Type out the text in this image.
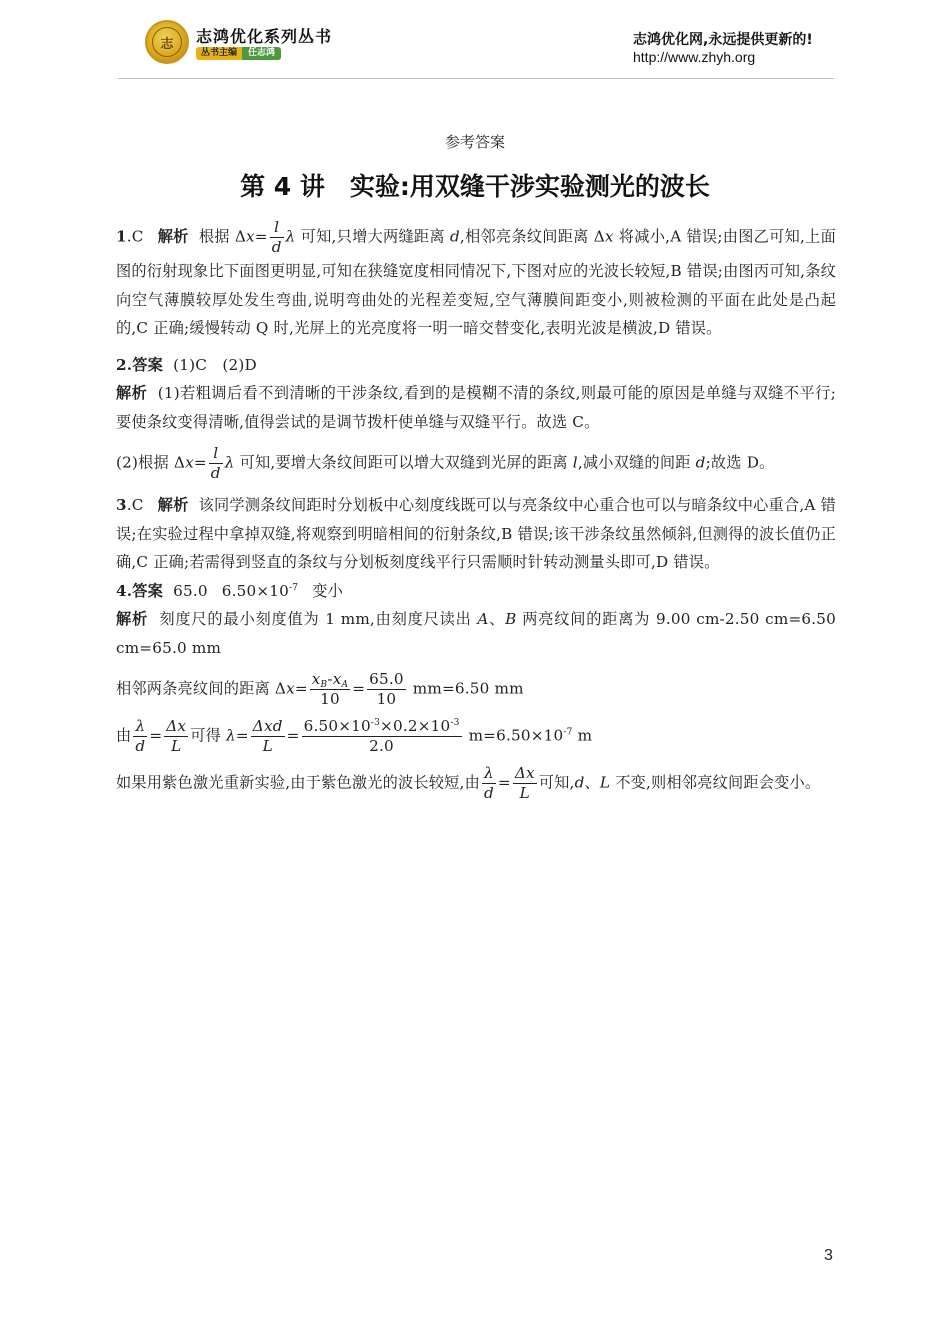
志	志鸿优化系列丛书
丛书主编	任志鸿
志鸿优化网,永远提供更新的!
http://www.zhyh.org
参考答案
第 4 讲　实验:用双缝干涉实验测光的波长

1.C 解析 根据 $\Delta x= \frac{l}{d}$ λ 可知,只增大两缝距离 d,相邻亮条纹间距离 Δx 将减小,A 错误;由图乙可知,上面图的衍射现象比下面图更明显,可知在狭缝宽度相同情况下,下图对应的光波长较短,B 错误;由图丙可知,条纹向空气薄膜较厚处发生弯曲,说明弯曲处的光程差变短,空气薄膜间距变小,则被检测的平面在此处是凸起的,C 正确;缓慢转动 Q 时,光屏上的光亮度将一明一暗交替变化,表明光波是横波,D 错误。

2.答案 (1)C　(2)D

解析 (1)若粗调后看不到清晰的干涉条纹,看到的是模糊不清的条纹,则最可能的原因是单缝与双缝不平行;要使条纹变得清晰,值得尝试的是调节拨杆使单缝与双缝平行。故选 C。

(2)根据 $\Delta x= \frac{l}{d}$ λ 可知,要增大条纹间距可以增大双缝到光屏的距离 l,减小双缝的间距 d;故选 D。

3.C 解析 该同学测条纹间距时分划板中心刻度线既可以与亮条纹中心重合也可以与暗条纹中心重合,A 错误;在实验过程中拿掉双缝,将观察到明暗相间的衍射条纹,B 错误;该干涉条纹虽然倾斜,但测得的波长值仍正确,C 正确;若需得到竖直的条纹与分划板刻度线平行只需顺时针转动测量头即可,D 错误。

4.答案 65.0 $6.50\times 10^{-7}$ 变小

解析 刻度尺的最小刻度值为 1 mm,由刻度尺读出 A、B 两亮纹间的距离为 9.00 cm-2.50 cm=6.50 cm=65.0 mm

相邻两条亮纹间的距离 $\Delta x= \frac{x_B-x_A}{10} = \frac{65.0}{10} mm=6.50$ mm

由 $\frac{\lambda}{d} = \frac{\Delta x}{L}$ 可得 $\lambda= \frac{\text{Δxd}}{L} = \frac{6.50\times 10^{-3}\times 0.2\times 10^{-3}}{2.0} m=6.50\times 10^{-7}$ m

如果用紫色激光重新实验,由于紫色激光的波长较短,由 $\frac{\lambda}{d} = \frac{\Delta x}{L}$ 可知,d、L 不变,则相邻亮纹间距会变小。

3
